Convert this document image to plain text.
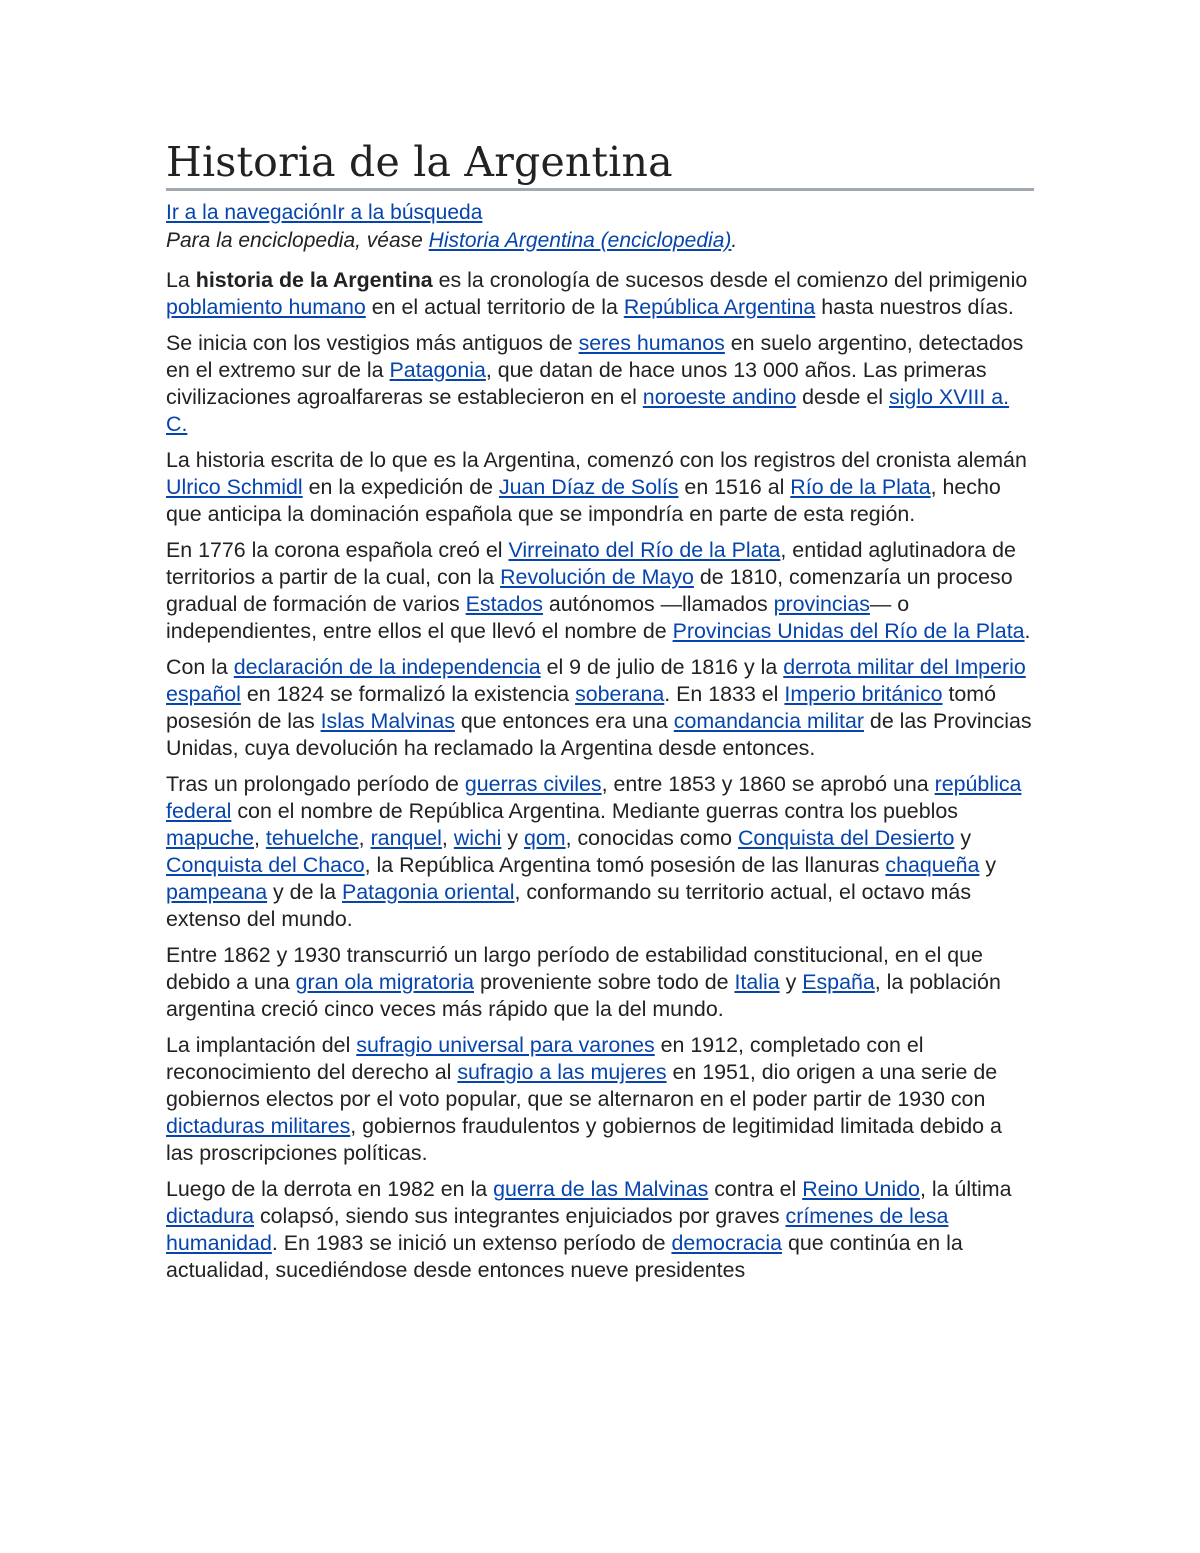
Historia de la Argentina
Ir a la navegaciónIr a la búsqueda
Para la enciclopedia, véase Historia Argentina (enciclopedia).

La historia de la Argentina es la cronología de sucesos desde el comienzo del primigenio poblamiento humano en el actual territorio de la República Argentina hasta nuestros días.

Se inicia con los vestigios más antiguos de seres humanos en suelo argentino, detectados en el extremo sur de la Patagonia, que datan de hace unos 13 000 años. Las primeras civilizaciones agroalfareras se establecieron en el noroeste andino desde el siglo XVIII a. C.

La historia escrita de lo que es la Argentina, comenzó con los registros del cronista alemán Ulrico Schmidl en la expedición de Juan Díaz de Solís en 1516 al Río de la Plata, hecho que anticipa la dominación española que se impondría en parte de esta región.

En 1776 la corona española creó el Virreinato del Río de la Plata, entidad aglutinadora de territorios a partir de la cual, con la Revolución de Mayo de 1810, comenzaría un proceso gradual de formación de varios Estados autónomos —llamados provincias— o independientes, entre ellos el que llevó el nombre de Provincias Unidas del Río de la Plata.

Con la declaración de la independencia el 9 de julio de 1816 y la derrota militar del Imperio español en 1824 se formalizó la existencia soberana. En 1833 el Imperio británico tomó posesión de las Islas Malvinas que entonces era una comandancia militar de las Provincias Unidas, cuya devolución ha reclamado la Argentina desde entonces.

Tras un prolongado período de guerras civiles, entre 1853 y 1860 se aprobó una república federal con el nombre de República Argentina. Mediante guerras contra los pueblos mapuche, tehuelche, ranquel, wichi y qom, conocidas como Conquista del Desierto y Conquista del Chaco, la República Argentina tomó posesión de las llanuras chaqueña y pampeana y de la Patagonia oriental, conformando su territorio actual, el octavo más extenso del mundo.

Entre 1862 y 1930 transcurrió un largo período de estabilidad constitucional, en el que debido a una gran ola migratoria proveniente sobre todo de Italia y España, la población argentina creció cinco veces más rápido que la del mundo.

La implantación del sufragio universal para varones en 1912, completado con el reconocimiento del derecho al sufragio a las mujeres en 1951, dio origen a una serie de gobiernos electos por el voto popular, que se alternaron en el poder partir de 1930 con dictaduras militares, gobiernos fraudulentos y gobiernos de legitimidad limitada debido a las proscripciones políticas.

Luego de la derrota en 1982 en la guerra de las Malvinas contra el Reino Unido, la última dictadura colapsó, siendo sus integrantes enjuiciados por graves crímenes de lesa humanidad. En 1983 se inició un extenso período de democracia que continúa en la actualidad, sucediéndose desde entonces nueve presidentes
